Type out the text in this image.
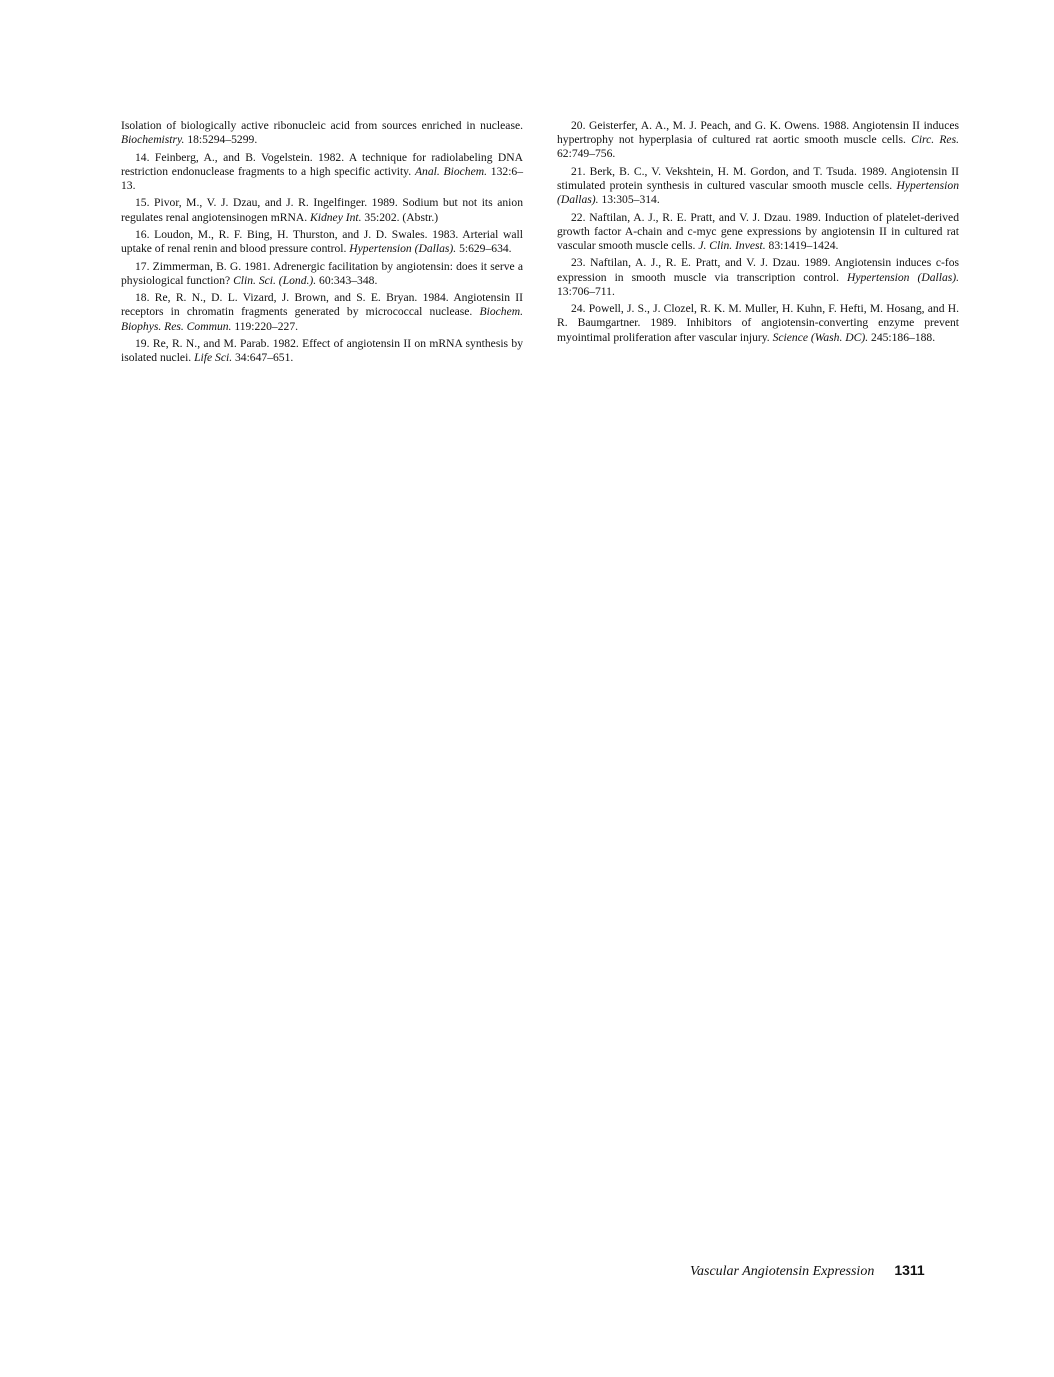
Isolation of biologically active ribonucleic acid from sources enriched in nuclease. Biochemistry. 18:5294–5299.

14. Feinberg, A., and B. Vogelstein. 1982. A technique for radiolabeling DNA restriction endonuclease fragments to a high specific activity. Anal. Biochem. 132:6–13.

15. Pivor, M., V. J. Dzau, and J. R. Ingelfinger. 1989. Sodium but not its anion regulates renal angiotensinogen mRNA. Kidney Int. 35:202. (Abstr.)

16. Loudon, M., R. F. Bing, H. Thurston, and J. D. Swales. 1983. Arterial wall uptake of renal renin and blood pressure control. Hypertension (Dallas). 5:629–634.

17. Zimmerman, B. G. 1981. Adrenergic facilitation by angiotensin: does it serve a physiological function? Clin. Sci. (Lond.). 60:343–348.

18. Re, R. N., D. L. Vizard, J. Brown, and S. E. Bryan. 1984. Angiotensin II receptors in chromatin fragments generated by micrococcal nuclease. Biochem. Biophys. Res. Commun. 119:220–227.

19. Re, R. N., and M. Parab. 1982. Effect of angiotensin II on mRNA synthesis by isolated nuclei. Life Sci. 34:647–651.

20. Geisterfer, A. A., M. J. Peach, and G. K. Owens. 1988. Angiotensin II induces hypertrophy not hyperplasia of cultured rat aortic smooth muscle cells. Circ. Res. 62:749–756.

21. Berk, B. C., V. Vekshtein, H. M. Gordon, and T. Tsuda. 1989. Angiotensin II stimulated protein synthesis in cultured vascular smooth muscle cells. Hypertension (Dallas). 13:305–314.

22. Naftilan, A. J., R. E. Pratt, and V. J. Dzau. 1989. Induction of platelet-derived growth factor A-chain and c-myc gene expressions by angiotensin II in cultured rat vascular smooth muscle cells. J. Clin. Invest. 83:1419–1424.

23. Naftilan, A. J., R. E. Pratt, and V. J. Dzau. 1989. Angiotensin induces c-fos expression in smooth muscle via transcription control. Hypertension (Dallas). 13:706–711.

24. Powell, J. S., J. Clozel, R. K. M. Muller, H. Kuhn, F. Hefti, M. Hosang, and H. R. Baumgartner. 1989. Inhibitors of angiotensin-converting enzyme prevent myointimal proliferation after vascular injury. Science (Wash. DC). 245:186–188.

Vascular Angiotensin Expression 1311
